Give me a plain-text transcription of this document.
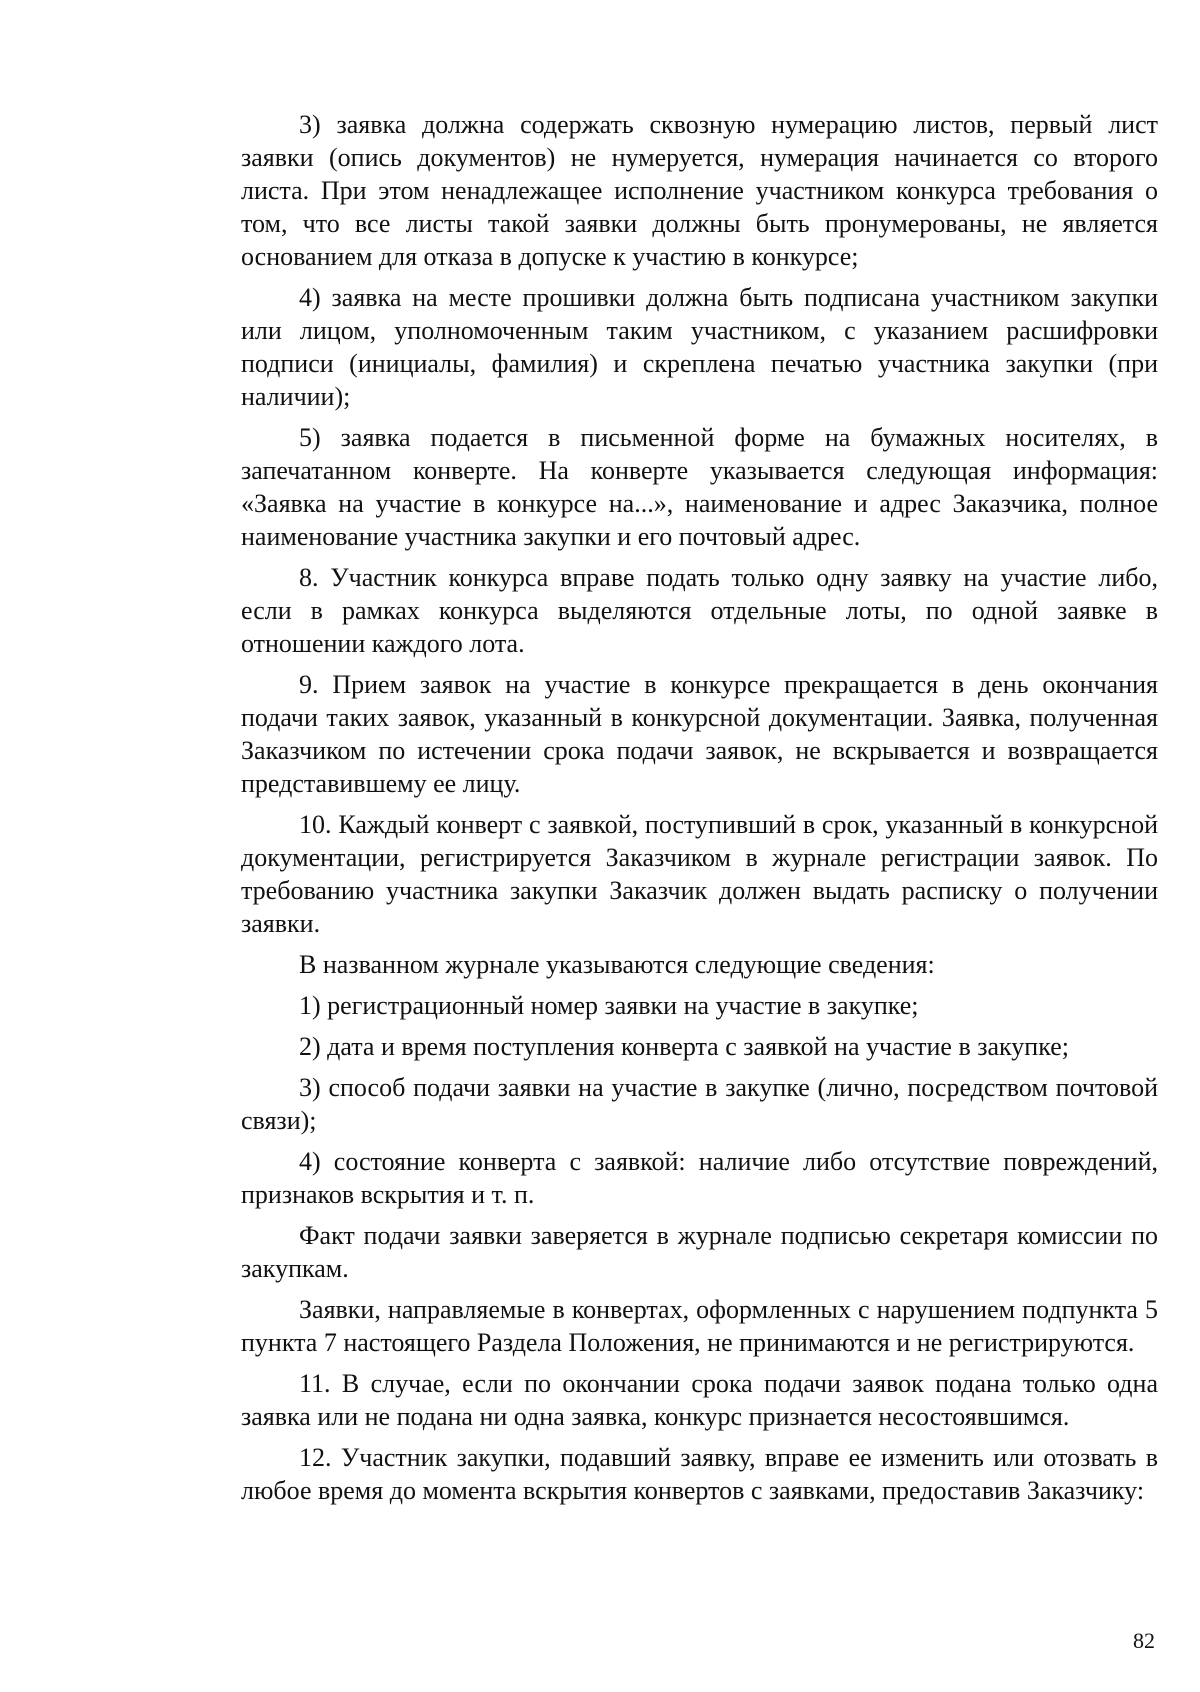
3) заявка должна содержать сквозную нумерацию листов, первый лист заявки (опись документов) не нумеруется, нумерация начинается со второго листа. При этом ненадлежащее исполнение участником конкурса требования о том, что все листы такой заявки должны быть пронумерованы, не является основанием для отказа в допуске к участию в конкурсе;

4) заявка на месте прошивки должна быть подписана участником закупки или лицом, уполномоченным таким участником, с указанием расшифровки подписи (инициалы, фамилия) и скреплена печатью участника закупки (при наличии);

5) заявка подается в письменной форме на бумажных носителях, в запечатанном конверте. На конверте указывается следующая информация: «Заявка на участие в конкурсе на...», наименование и адрес Заказчика, полное наименование участника закупки и его почтовый адрес.

8. Участник конкурса вправе подать только одну заявку на участие либо, если в рамках конкурса выделяются отдельные лоты, по одной заявке в отношении каждого лота.

9. Прием заявок на участие в конкурсе прекращается в день окончания подачи таких заявок, указанный в конкурсной документации. Заявка, полученная Заказчиком по истечении срока подачи заявок, не вскрывается и возвращается представившему ее лицу.

10. Каждый конверт с заявкой, поступивший в срок, указанный в конкурсной документации, регистрируется Заказчиком в журнале регистрации заявок. По требованию участника закупки Заказчик должен выдать расписку о получении заявки.

В названном журнале указываются следующие сведения:

1) регистрационный номер заявки на участие в закупке;

2) дата и время поступления конверта с заявкой на участие в закупке;

3) способ подачи заявки на участие в закупке (лично, посредством почтовой связи);

4) состояние конверта с заявкой: наличие либо отсутствие повреждений, признаков вскрытия и т. п.

Факт подачи заявки заверяется в журнале подписью секретаря комиссии по закупкам.

Заявки, направляемые в конвертах, оформленных с нарушением подпункта 5 пункта 7 настоящего Раздела Положения, не принимаются и не регистрируются.

11. В случае, если по окончании срока подачи заявок подана только одна заявка или не подана ни одна заявка, конкурс признается несостоявшимся.

12. Участник закупки, подавший заявку, вправе ее изменить или отозвать в любое время до момента вскрытия конвертов с заявками, предоставив Заказчику:

82
